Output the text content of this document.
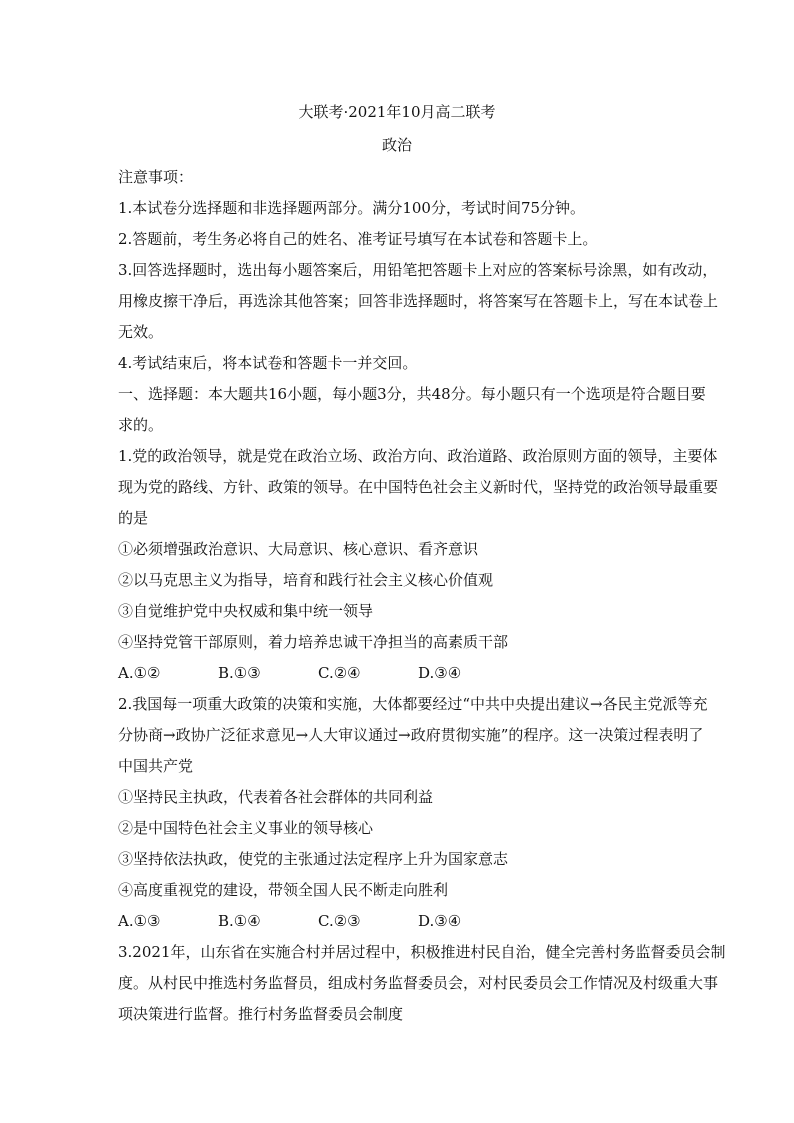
大联考·2021年10月高二联考
政治

注意事项：

1.本试卷分选择题和非选择题两部分。满分100分，考试时间75分钟。

2.答题前，考生务必将自己的姓名、准考证号填写在本试卷和答题卡上。

3.回答选择题时，选出每小题答案后，用铅笔把答题卡上对应的答案标号涂黑，如有改动，

用橡皮擦干净后，再选涂其他答案；回答非选择题时，将答案写在答题卡上，写在本试卷上

无效。

4.考试结束后，将本试卷和答题卡一并交回。

一、选择题：本大题共16小题，每小题3分，共48分。每小题只有一个选项是符合题目要

求的。

1.党的政治领导，就是党在政治立场、政治方向、政治道路、政治原则方面的领导，主要体

现为党的路线、方针、政策的领导。在中国特色社会主义新时代，坚持党的政治领导最重要

的是

①必须增强政治意识、大局意识、核心意识、看齐意识

②以马克思主义为指导，培育和践行社会主义核心价值观

③自觉维护党中央权威和集中统一领导

④坚持党管干部原则，着力培养忠诚干净担当的高素质干部

A.①②	B.①③	C.②④	D.③④

2.我国每一项重大政策的决策和实施，大体都要经过“中共中央提出建议→各民主党派等充

分协商→政协广泛征求意见→人大审议通过→政府贯彻实施”的程序。这一决策过程表明了

中国共产党

①坚持民主执政，代表着各社会群体的共同利益

②是中国特色社会主义事业的领导核心

③坚持依法执政，使党的主张通过法定程序上升为国家意志

④高度重视党的建设，带领全国人民不断走向胜利

A.①③	B.①④	C.②③	D.③④

3.2021年，山东省在实施合村并居过程中，积极推进村民自治，健全完善村务监督委员会制

度。从村民中推选村务监督员，组成村务监督委员会，对村民委员会工作情况及村级重大事

项决策进行监督。推行村务监督委员会制度
